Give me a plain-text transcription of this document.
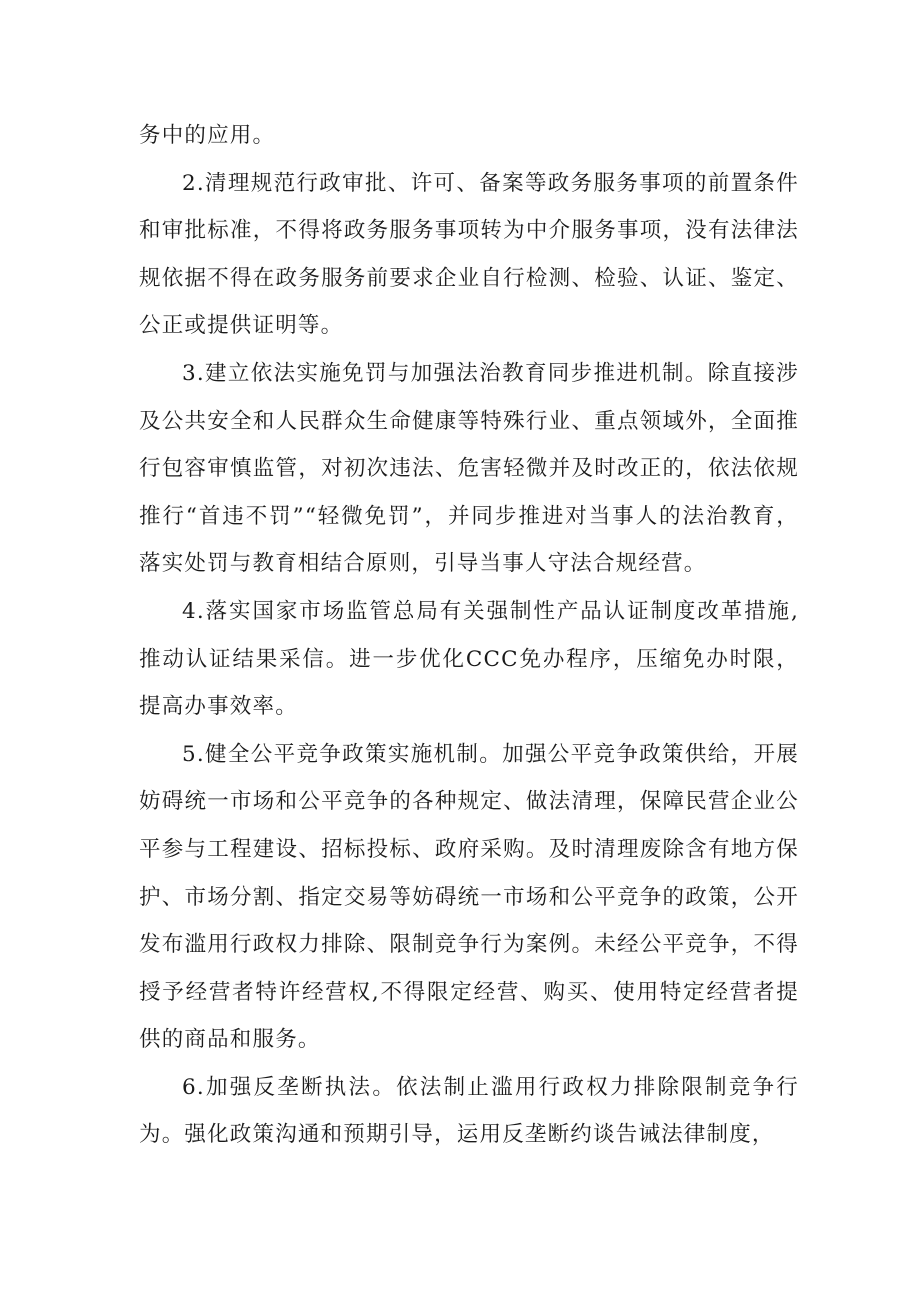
务中的应用。

2.清理规范行政审批、许可、备案等政务服务事项的前置条件和审批标准，不得将政务服务事项转为中介服务事项，没有法律法规依据不得在政务服务前要求企业自行检测、检验、认证、鉴定、公正或提供证明等。

3.建立依法实施免罚与加强法治教育同步推进机制。除直接涉及公共安全和人民群众生命健康等特殊行业、重点领域外，全面推行包容审慎监管，对初次违法、危害轻微并及时改正的，依法依规推行“首违不罚”“轻微免罚”，并同步推进对当事人的法治教育，落实处罚与教育相结合原则，引导当事人守法合规经营。

4.落实国家市场监管总局有关强制性产品认证制度改革措施,推动认证结果采信。进一步优化CCC免办程序，压缩免办时限，提高办事效率。

5.健全公平竞争政策实施机制。加强公平竞争政策供给，开展妨碍统一市场和公平竞争的各种规定、做法清理，保障民营企业公平参与工程建设、招标投标、政府采购。及时清理废除含有地方保护、市场分割、指定交易等妨碍统一市场和公平竞争的政策，公开发布滥用行政权力排除、限制竞争行为案例。未经公平竞争，不得授予经营者特许经营权,不得限定经营、购买、使用特定经营者提供的商品和服务。

6.加强反垄断执法。依法制止滥用行政权力排除限制竞争行为。强化政策沟通和预期引导，运用反垄断约谈告诫法律制度，
